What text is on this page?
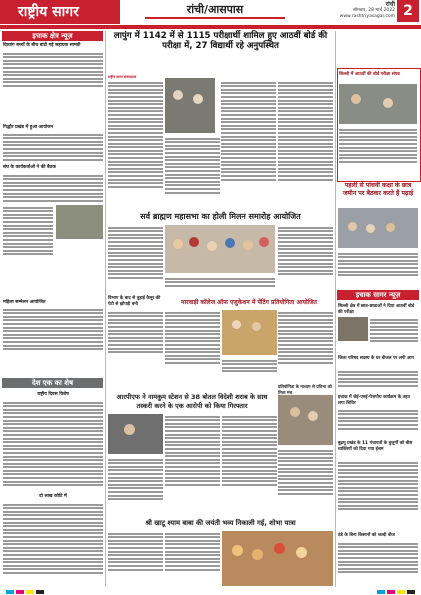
राष्ट्रीय सागर	रांची/आसपास	रांची
सोमवार, 28 मार्च 2022
www.rashtriyasagar.com 2
इचाक क्षेत्र न्यूज़
दिव्यांग बच्चों के बीच बांटी गई सहायक सामग्री
गिद्धौर प्रखंड में हुआ आयोजन
संघ के कार्यकर्ताओं ने की बैठक
महिला सम्मेलन आयोजित
देश एक का शेष
राष्ट्रीय दिवस विशेष
दो लाख कोटि में
लापुंग में 1142 में से 1115 परीक्षार्थी शामिल हुए आठवीं बोर्ड की परीक्षा में, 27 विद्यार्थी रहे अनुपस्थित
राष्ट्रीय सागर संवाददाता
सर्व ब्राह्मण महासभा का होली मिलन समारोह आयोजित
विभाग के बाद से तुड़ाई कैमूर की पेटी से झोपड़ी बनी	मारवाड़ी कॉलेज ऑफ एजुकेशन में पेंटिंग प्रतियोगिता आयोजित
प्रतियोगिता के माध्यम से प्रतिभा को मिला मंच
आरपीएफ ने नामकुम स्टेशन से 38 बोतल विदेशी शराब के साथ तस्करी करने के एक आरोपी को किया गिरफ्तार
श्री खाटू श्याम बाबा की जयंती भव्य निकाली गई, शोभा यात्रा
सिल्ली में आठवीं की बोर्ड परीक्षा संपन्न
पहली से पांचवीं कक्षा के छात्र जमीन पर बैठकर करते हैं पढ़ाई
इचाक सागर न्यूज़
सिल्ली क्षेत्र में छात्र-छात्राओं ने दिया आठवीं बोर्ड की परीक्षा
जिला परिषद सदस्य के घर डीजल पर लगी आग
इचाक में जेई-एमई-पेजपौथ कार्यक्रम के तहत लगा शिविर
बुढ़मू प्रखंड के 11 पंचायतों के बुजुर्गों को बीस व्यक्तियों को दिया गया ईश्रम
ठंडे के बिना किसानों को जल्दी बीज
